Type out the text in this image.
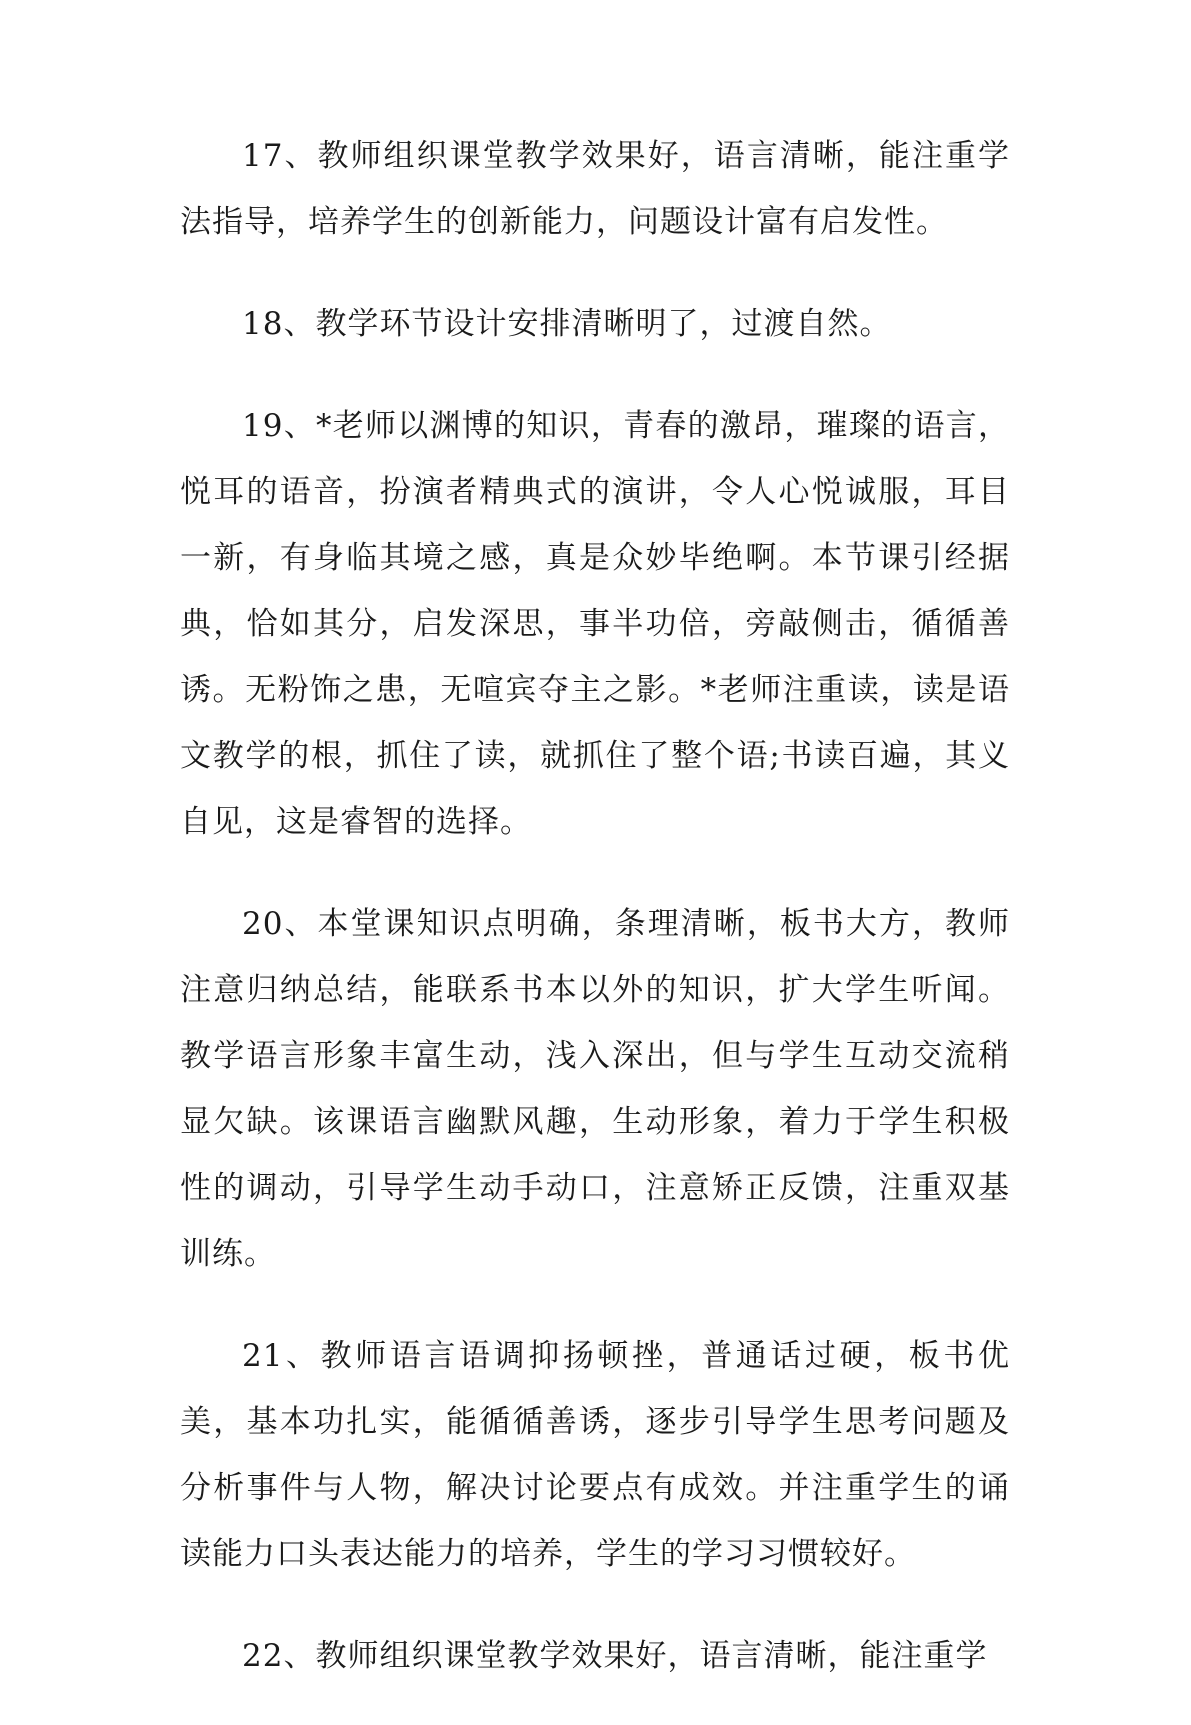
17、教师组织课堂教学效果好，语言清晰，能注重学法指导，培养学生的创新能力，问题设计富有启发性。

18、教学环节设计安排清晰明了，过渡自然。

19、*老师以渊博的知识，青春的激昂，璀璨的语言，悦耳的语音，扮演者精典式的演讲，令人心悦诚服，耳目一新，有身临其境之感，真是众妙毕绝啊。本节课引经据典，恰如其分，启发深思，事半功倍，旁敲侧击，循循善诱。无粉饰之患，无喧宾夺主之影。*老师注重读，读是语文教学的根，抓住了读，就抓住了整个语;书读百遍，其义自见，这是睿智的选择。

20、本堂课知识点明确，条理清晰，板书大方，教师注意归纳总结，能联系书本以外的知识，扩大学生听闻。教学语言形象丰富生动，浅入深出，但与学生互动交流稍显欠缺。该课语言幽默风趣，生动形象，着力于学生积极性的调动，引导学生动手动口，注意矫正反馈，注重双基训练。

21、教师语言语调抑扬顿挫，普通话过硬，板书优美，基本功扎实，能循循善诱，逐步引导学生思考问题及分析事件与人物，解决讨论要点有成效。并注重学生的诵读能力口头表达能力的培养，学生的学习习惯较好。

22、教师组织课堂教学效果好，语言清晰，能注重学
